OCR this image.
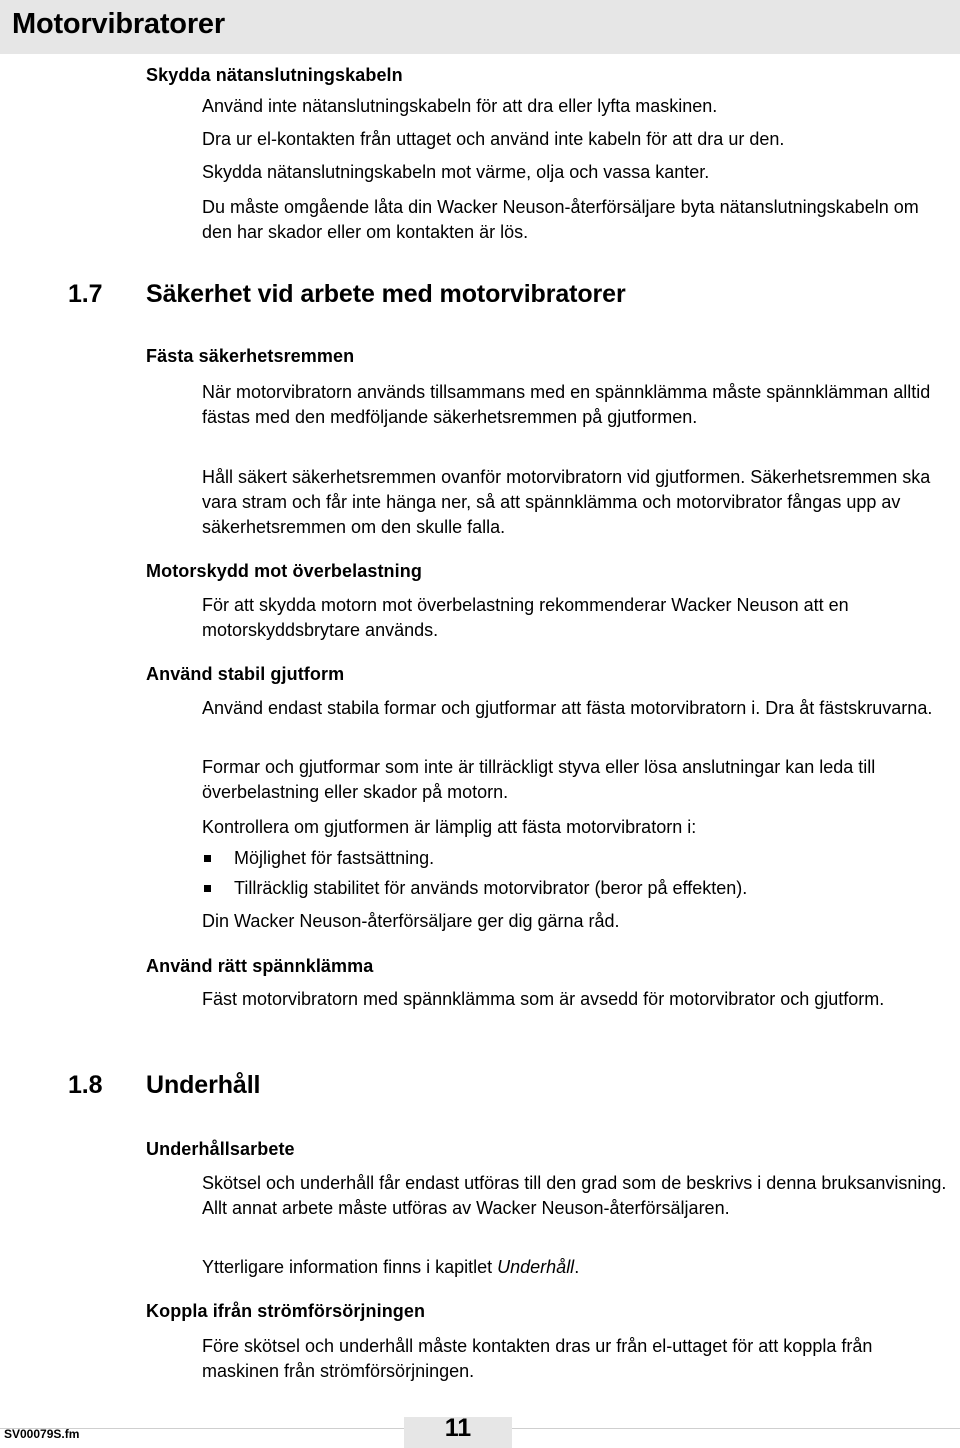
Motorvibratorer
Skydda nätanslutningskabeln
Använd inte nätanslutningskabeln för att dra eller lyfta maskinen.
Dra ur el-kontakten från uttaget och använd inte kabeln för att dra ur den.
Skydda nätanslutningskabeln mot värme, olja och vassa kanter.
Du måste omgående låta din Wacker Neuson-återförsäljare byta nätanslutningskabeln om den har skador eller om kontakten är lös.
1.7 Säkerhet vid arbete med motorvibratorer
Fästa säkerhetsremmen
När motorvibratorn används tillsammans med en spännklämma måste spännklämman alltid fästas med den medföljande säkerhetsremmen på gjutformen.
Håll säkert säkerhetsremmen ovanför motorvibratorn vid gjutformen. Säkerhetsremmen ska vara stram och får inte hänga ner, så att spännklämma och motorvibrator fångas upp av säkerhetsremmen om den skulle falla.
Motorskydd mot överbelastning
För att skydda motorn mot överbelastning rekommenderar Wacker Neuson att en motorskyddsbrytare används.
Använd stabil gjutform
Använd endast stabila formar och gjutformar att fästa motorvibratorn i. Dra åt fästskruvarna.
Formar och gjutformar som inte är tillräckligt styva eller lösa anslutningar kan leda till överbelastning eller skador på motorn.
Kontrollera om gjutformen är lämplig att fästa motorvibratorn i:
Möjlighet för fastsättning.
Tillräcklig stabilitet för används motorvibrator (beror på effekten).
Din Wacker Neuson-återförsäljare ger dig gärna råd.
Använd rätt spännklämma
Fäst motorvibratorn med spännklämma som är avsedd för motorvibrator och gjutform.
1.8 Underhåll
Underhållsarbete
Skötsel och underhåll får endast utföras till den grad som de beskrivs i denna bruksanvisning. Allt annat arbete måste utföras av Wacker Neuson-återförsäljaren.
Ytterligare information finns i kapitlet Underhåll.
Koppla ifrån strömförsörjningen
Före skötsel och underhåll måste kontakten dras ur från el-uttaget för att koppla från maskinen från strömförsörjningen.
11
SV00079S.fm
